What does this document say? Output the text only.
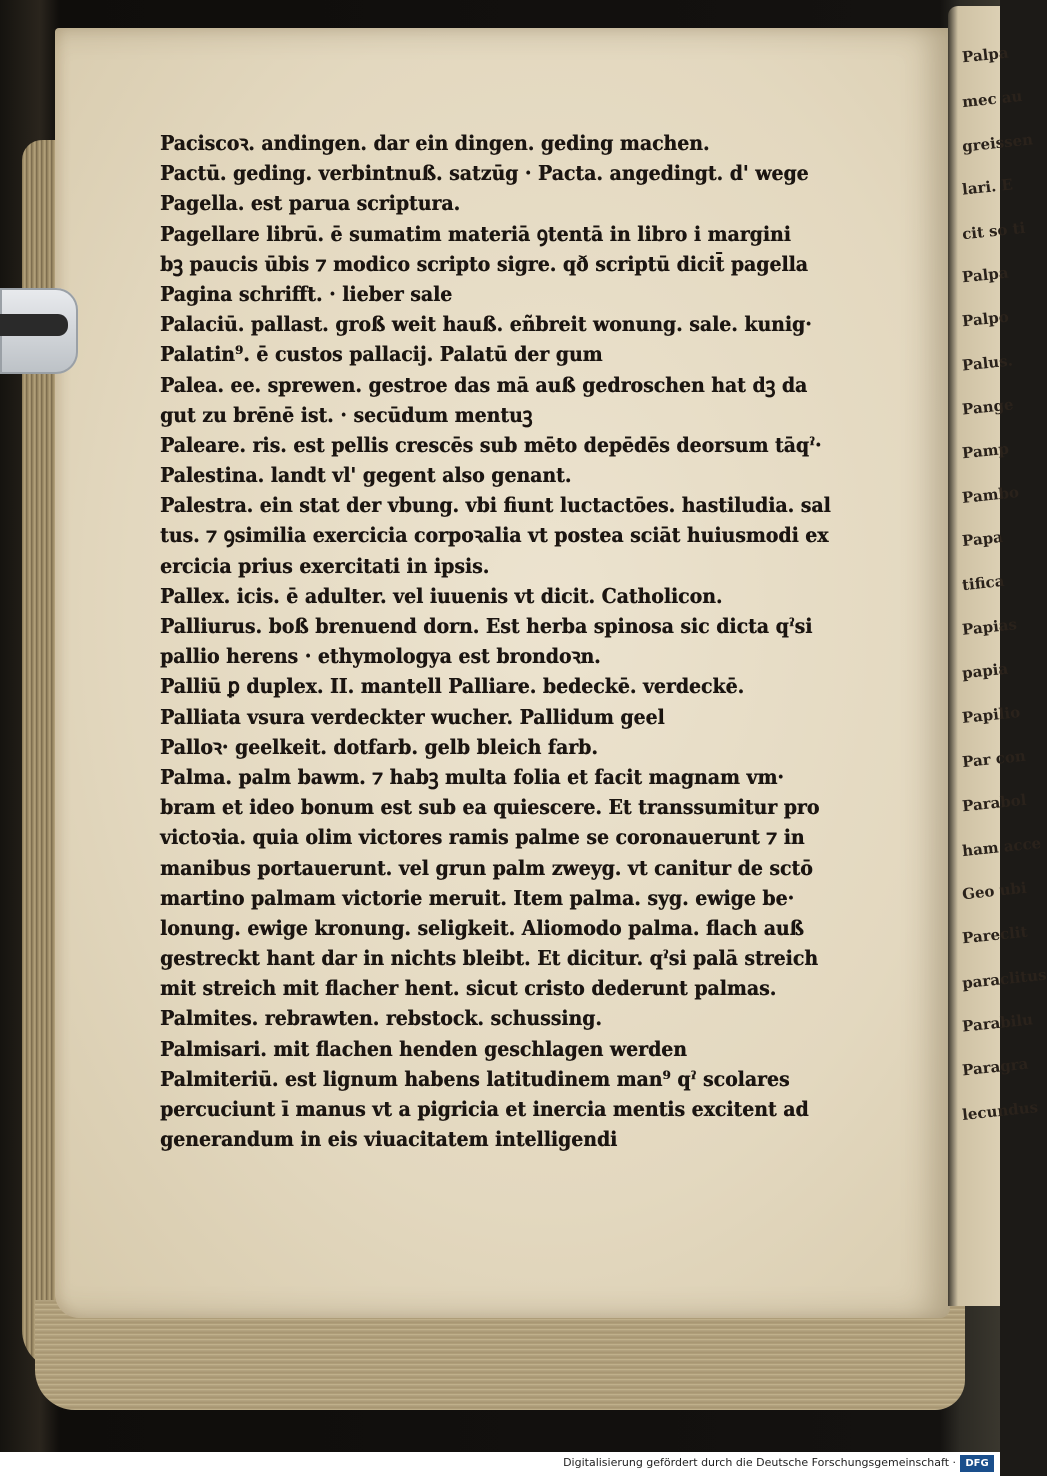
Palpa
mec au
greissen
lari. E
cit so ti
Palpa
Palpo
Palus.
Pange
Pamp
Pambo
Papa
tifica
Papias
papia
Papilio
Par con
Parabol
ham acce
Geo ubi
Pareclit
paraclitus
Parabilu
Paragra
lecundus
Paciscoꝛ. andingen. dar ein dingen. geding machen.
Pactū. geding. verbintnuß. satzūg · Pacta. angedingt. d' wege
Pagella. est parua scriptura.
Pagellare librū. ē sumatim materiā ꝯtentā in libro i margini
bꝫ paucis ūbis ⁊ modico scripto sigre. qð scriptū dicit̄ pagella
Pagina schrifft. · lieber sale
Palaciū. pallast. groß weit hauß. eñbreit wonung. sale. kunig·
Palatin⁹. ē custos pallacij. Palatū der gum
Palea. ee. sprewen. gestroe das mā auß gedroschen hat dꝫ da
gut zu brēnē ist. · secūdum mentuꝫ
Paleare. ris. est pellis crescēs sub mēto depēdēs deorsum tāqˀ·
Palestina. landt vl' gegent also genant.
Palestra. ein stat der vbung. vbi fiunt luctactōes. hastiludia. sal
tus. ⁊ ꝯsimilia exercicia corpoꝛalia vt postea sciāt huiusmodi ex
ercicia prius exercitati in ipsis.
Pallex. icis. ē adulter. vel iuuenis vt dicit. Catholicon.
Palliurus. boß brenuend dorn. Est herba spinosa sic dicta qˀsi
pallio herens · ethymologya est brondoꝛn.
Palliū ꝑ duplex. II. mantell Palliare. bedeckē. verdeckē.
Palliata vsura verdeckter wucher. Pallidum geel
Palloꝛ· geelkeit. dotfarb. gelb bleich farb.
Palma. palm bawm. ⁊ habꝫ multa folia et facit magnam vm·
bram et ideo bonum est sub ea quiescere. Et transsumitur pro
victoꝛia. quia olim victores ramis palme se coronauerunt ⁊ in
manibus portauerunt. vel grun palm zweyg. vt canitur de sctō
martino palmam victorie meruit. Item palma. syg. ewige be·
lonung. ewige kronung. seligkeit. Aliomodo palma. flach auß
gestreckt hant dar in nichts bleibt. Et dicitur. qˀsi palā streich
mit streich mit flacher hent. sicut cristo dederunt palmas.
Palmites. rebrawten. rebstock. schussing.
Palmisari. mit flachen henden geschlagen werden
Palmiteriū. est lignum habens latitudinem man⁹ qˀ scolares
percuciunt ī manus vt a pigricia et inercia mentis excitent ad
generandum in eis viuacitatem intelligendi
Digitalisierung gefördert durch die Deutsche Forschungsgemeinschaft · DFG
